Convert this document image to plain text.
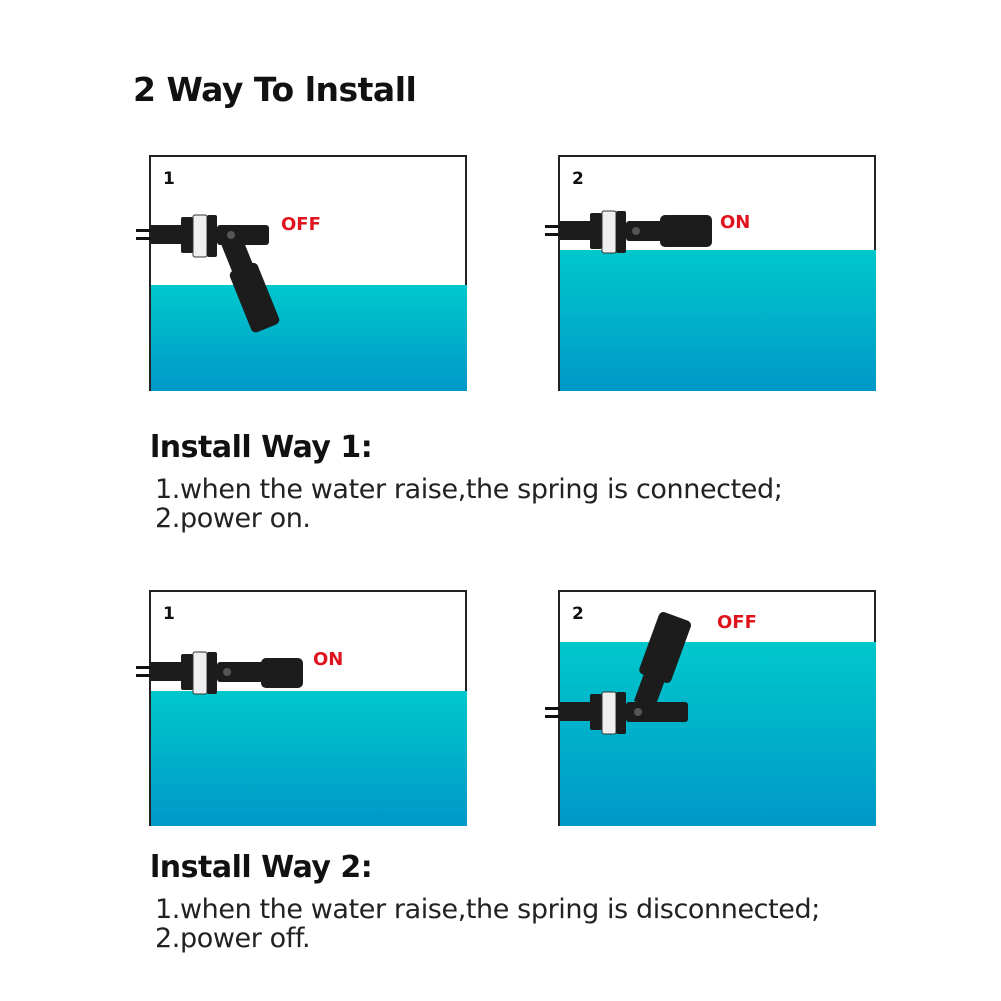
2 Way To lnstall
1
OFF
2
ON
lnstall Way 1:
1.when the water raise,the spring is connected;
2.power on.
1
ON
2	OFF
lnstall Way 2:
1.when the water raise,the spring is disconnected;
2.power off.
